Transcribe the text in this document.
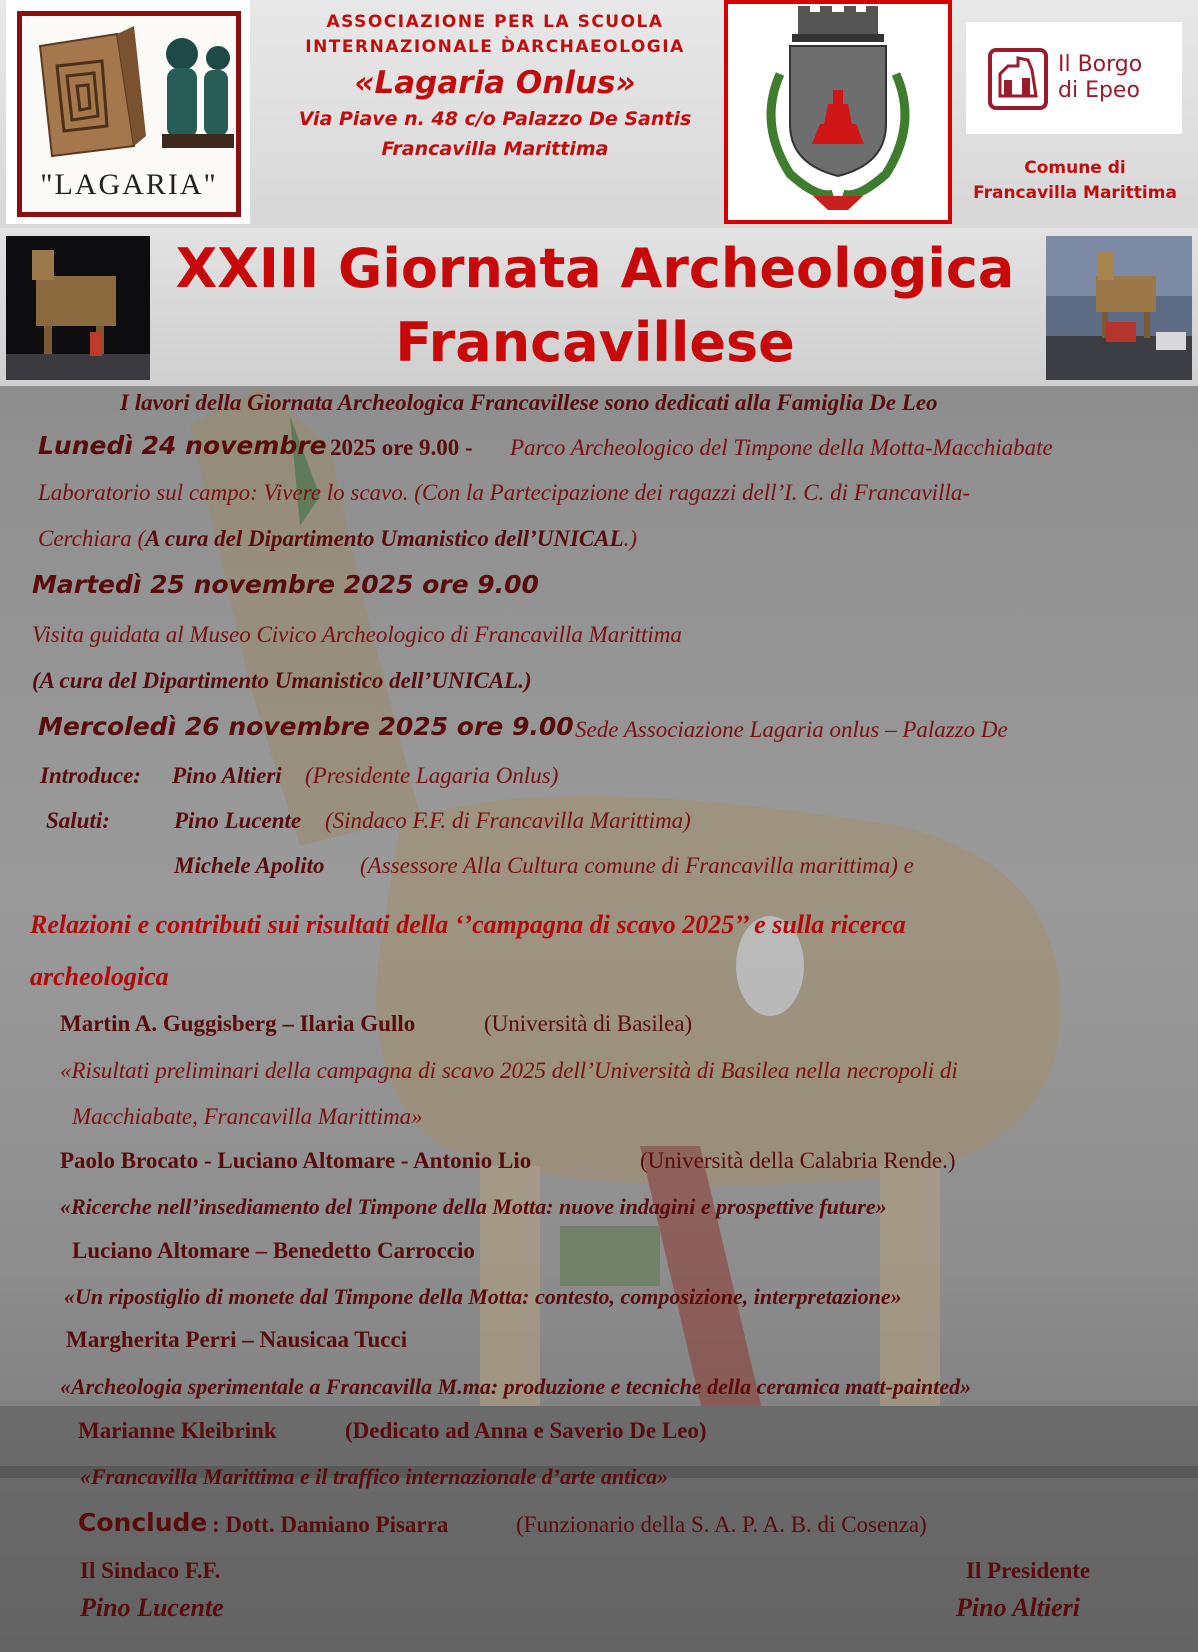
"LAGARIA"
ASSOCIAZIONE PER LA SCUOLA
INTERNAZIONALE D̀ARCHAEOLOGIA
«Lagaria Onlus»
Via Piave n. 48 c/o Palazzo De Santis
Francavilla Marittima
Il Borgo
di Epeo
Comune di
Francavilla Marittima
XXIII Giornata Archeologica
Francavillese
I lavori della Giornata Archeologica Francavillese sono dedicati alla Famiglia De Leo
Lunedì 24 novembre 2025 ore 9.00 - Parco Archeologico del Timpone della Motta-Macchiabate
Laboratorio sul campo: Vivere lo scavo. (Con la Partecipazione dei ragazzi dell’I. C. di Francavilla-
Cerchiara (A cura del Dipartimento Umanistico dell’UNICAL.)
Martedì 25 novembre 2025 ore 9.00
Visita guidata al Museo Civico Archeologico di Francavilla Marittima
(A cura del Dipartimento Umanistico dell’UNICAL.)
Mercoledì 26 novembre 2025 ore 9.00 Sede Associazione Lagaria onlus – Palazzo De
Introduce: Pino Altieri (Presidente Lagaria Onlus)
Saluti:	Pino Lucente (Sindaco F.F. di Francavilla Marittima)
Michele Apolito (Assessore Alla Cultura comune di Francavilla marittima) e
Relazioni e contributi sui risultati della ‘’campagna di scavo 2025’’ e sulla ricerca
archeologica
Martin A. Guggisberg – Ilaria Gullo	(Università di Basilea)
«Risultati preliminari della campagna di scavo 2025 dell’Università di Basilea nella necropoli di
Macchiabate, Francavilla Marittima»
Paolo Brocato - Luciano Altomare - Antonio Lio	(Università della Calabria Rende.)
«Ricerche nell’insediamento del Timpone della Motta: nuove indagini e prospettive future»
Luciano Altomare – Benedetto Carroccio
«Un ripostiglio di monete dal Timpone della Motta: contesto, composizione, interpretazione»
Margherita Perri – Nausicaa Tucci
«Archeologia sperimentale a Francavilla M.ma: produzione e tecniche della ceramica matt-painted»
Marianne Kleibrink	(Dedicato ad Anna e Saverio De Leo)
«Francavilla Marittima e il traffico internazionale d’arte antica»
Conclude : Dott. Damiano Pisarra	(Funzionario della S. A. P. A. B. di Cosenza)
Il Sindaco F.F.
Pino Lucente
Il Presidente
Pino Altieri
